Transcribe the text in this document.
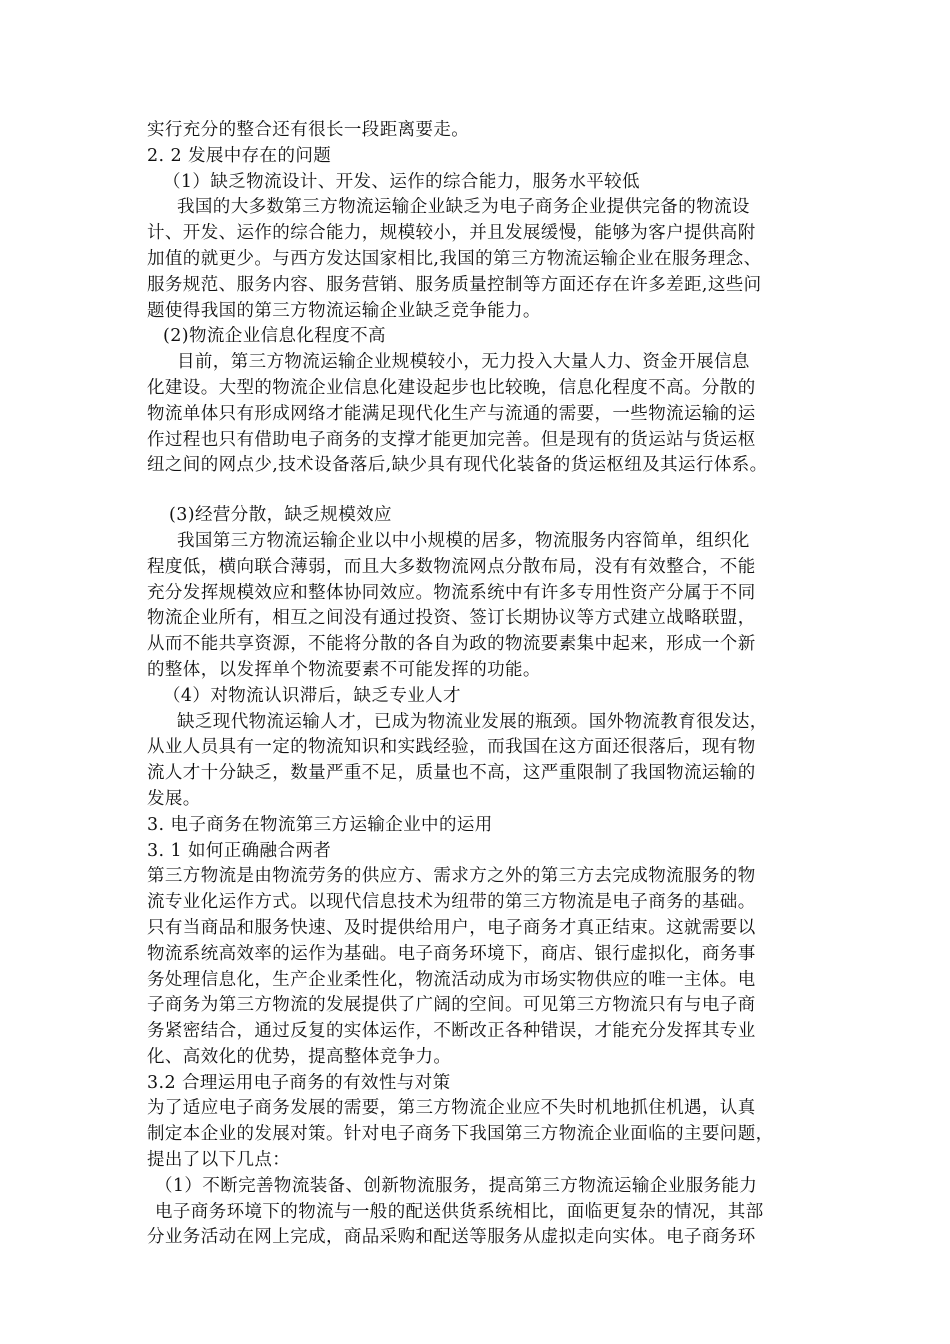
实行充分的整合还有很长一段距离要走。
2. 2 发展中存在的问题
（1）缺乏物流设计、开发、运作的综合能力，服务水平较低
我国的大多数第三方物流运输企业缺乏为电子商务企业提供完备的物流设
计、开发、运作的综合能力，规模较小，并且发展缓慢，能够为客户提供高附
加值的就更少。与西方发达国家相比,我国的第三方物流运输企业在服务理念、
服务规范、服务内容、服务营销、服务质量控制等方面还存在许多差距,这些问
题使得我国的第三方物流运输企业缺乏竞争能力。
(2)物流企业信息化程度不高
目前，第三方物流运输企业规模较小，无力投入大量人力、资金开展信息
化建设。大型的物流企业信息化建设起步也比较晚，信息化程度不高。分散的
物流单体只有形成网络才能满足现代化生产与流通的需要，一些物流运输的运
作过程也只有借助电子商务的支撑才能更加完善。但是现有的货运站与货运枢
纽之间的网点少,技术设备落后,缺少具有现代化装备的货运枢纽及其运行体系。
(3)经营分散，缺乏规模效应
我国第三方物流运输企业以中小规模的居多，物流服务内容简单，组织化
程度低，横向联合薄弱，而且大多数物流网点分散布局，没有有效整合，不能
充分发挥规模效应和整体协同效应。物流系统中有许多专用性资产分属于不同
物流企业所有，相互之间没有通过投资、签订长期协议等方式建立战略联盟，
从而不能共享资源，不能将分散的各自为政的物流要素集中起来，形成一个新
的整体，以发挥单个物流要素不可能发挥的功能。
（4）对物流认识滞后，缺乏专业人才
缺乏现代物流运输人才，已成为物流业发展的瓶颈。国外物流教育很发达，
从业人员具有一定的物流知识和实践经验，而我国在这方面还很落后，现有物
流人才十分缺乏，数量严重不足，质量也不高，这严重限制了我国物流运输的
发展。
3. 电子商务在物流第三方运输企业中的运用
3. 1 如何正确融合两者
第三方物流是由物流劳务的供应方、需求方之外的第三方去完成物流服务的物
流专业化运作方式。以现代信息技术为纽带的第三方物流是电子商务的基础。
只有当商品和服务快速、及时提供给用户，电子商务才真正结束。这就需要以
物流系统高效率的运作为基础。电子商务环境下，商店、银行虚拟化，商务事
务处理信息化，生产企业柔性化，物流活动成为市场实物供应的唯一主体。电
子商务为第三方物流的发展提供了广阔的空间。可见第三方物流只有与电子商
务紧密结合，通过反复的实体运作，不断改正各种错误，才能充分发挥其专业
化、高效化的优势，提高整体竞争力。
3.2 合理运用电子商务的有效性与对策
为了适应电子商务发展的需要，第三方物流企业应不失时机地抓住机遇，认真
制定本企业的发展对策。针对电子商务下我国第三方物流企业面临的主要问题，
提出了以下几点：
（1）不断完善物流装备、创新物流服务，提高第三方物流运输企业服务能力
电子商务环境下的物流与一般的配送供货系统相比，面临更复杂的情况，其部
分业务活动在网上完成，商品采购和配送等服务从虚拟走向实体。电子商务环
